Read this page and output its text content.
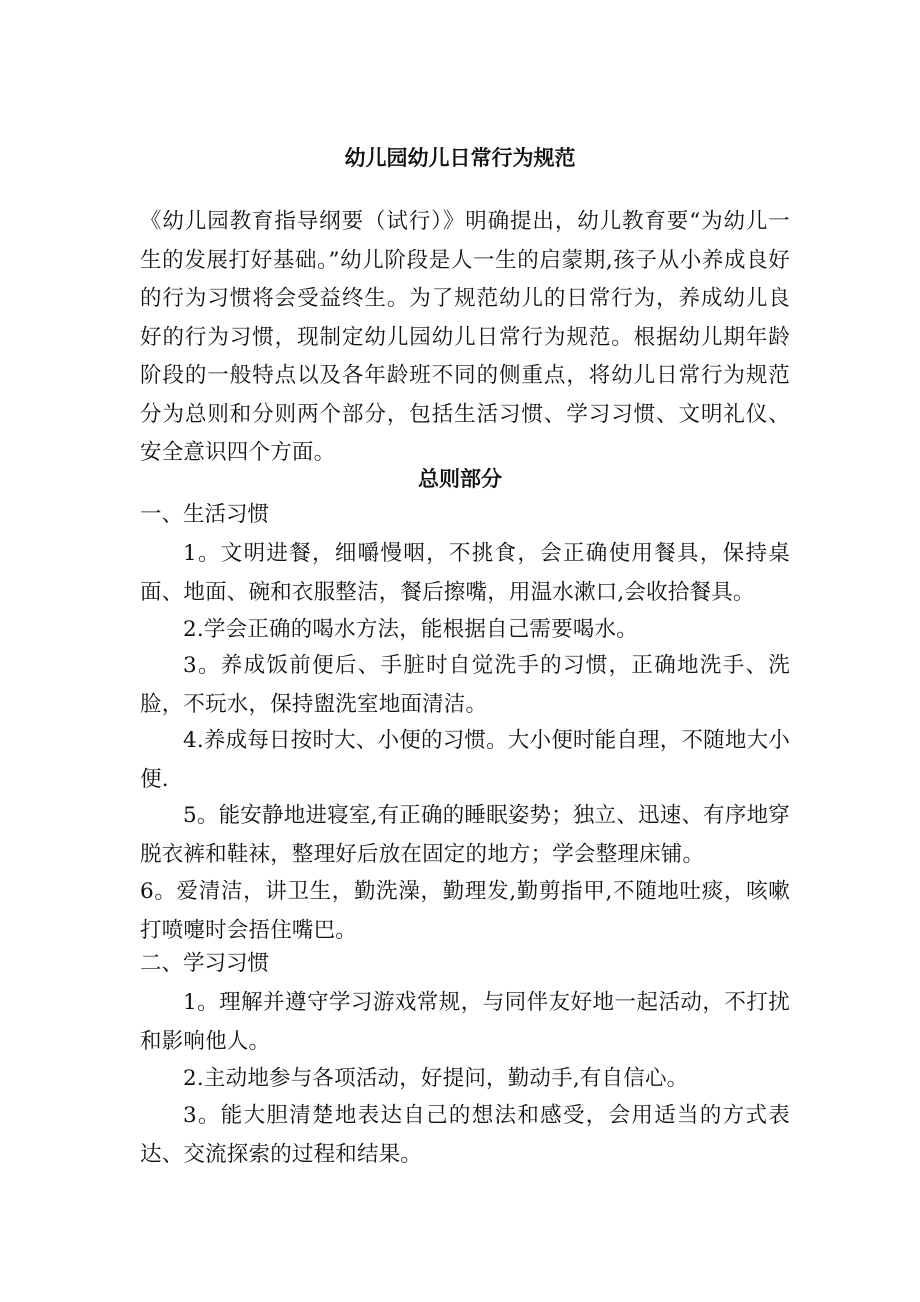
幼儿园幼儿日常行为规范

《幼儿园教育指导纲要（试行）》明确提出，幼儿教育要“为幼儿一生的发展打好基础。”幼儿阶段是人一生的启蒙期,孩子从小养成良好的行为习惯将会受益终生。为了规范幼儿的日常行为，养成幼儿良好的行为习惯，现制定幼儿园幼儿日常行为规范。根据幼儿期年龄阶段的一般特点以及各年龄班不同的侧重点，将幼儿日常行为规范分为总则和分则两个部分，包括生活习惯、学习习惯、文明礼仪、安全意识四个方面。

总则部分

一、生活习惯

1。文明进餐，细嚼慢咽，不挑食，会正确使用餐具，保持桌面、地面、碗和衣服整洁，餐后擦嘴，用温水漱口,会收拾餐具。

2.学会正确的喝水方法，能根据自己需要喝水。

3。养成饭前便后、手脏时自觉洗手的习惯，正确地洗手、洗脸，不玩水，保持盥洗室地面清洁。

4.养成每日按时大、小便的习惯。大小便时能自理，不随地大小便.

5。能安静地进寝室,有正确的睡眠姿势；独立、迅速、有序地穿脱衣裤和鞋袜，整理好后放在固定的地方；学会整理床铺。

6。爱清洁，讲卫生，勤洗澡，勤理发,勤剪指甲,不随地吐痰，咳嗽打喷嚏时会捂住嘴巴。

二、学习习惯

1。理解并遵守学习游戏常规，与同伴友好地一起活动，不打扰和影响他人。

2.主动地参与各项活动，好提问，勤动手,有自信心。

3。能大胆清楚地表达自己的想法和感受，会用适当的方式表达、交流探索的过程和结果。
